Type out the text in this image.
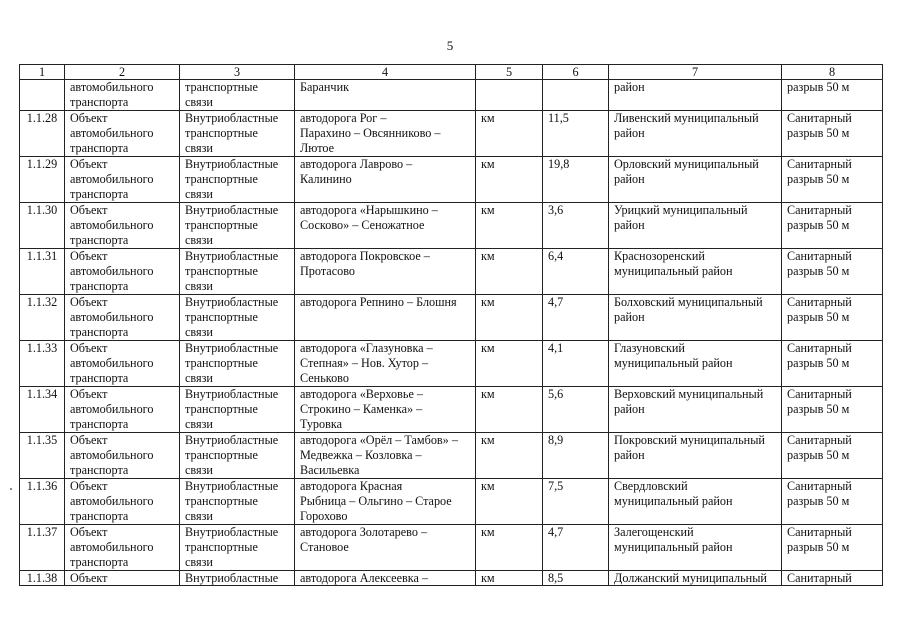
5
1	2	3	4	5	6	7	8
	автомобильного
транспорта	транспортные
связи	Баранчик			район	разрыв 50 м
1.1.28	Объект
автомобильного
транспорта	Внутриобластные
транспортные
связи	автодорога Рог –
Парахино – Овсянниково –
Лютое	км	11,5	Ливенский муниципальный
район	Санитарный
разрыв 50 м
1.1.29	Объект
автомобильного
транспорта	Внутриобластные
транспортные
связи	автодорога Лаврово –
Калинино	км	19,8	Орловский муниципальный
район	Санитарный
разрыв 50 м
1.1.30	Объект
автомобильного
транспорта	Внутриобластные
транспортные
связи	автодорога «Нарышкино –
Сосково» – Сеножатное	км	3,6	Урицкий муниципальный
район	Санитарный
разрыв 50 м
1.1.31	Объект
автомобильного
транспорта	Внутриобластные
транспортные
связи	автодорога Покровское –
Протасово	км	6,4	Краснозоренский
муниципальный район	Санитарный
разрыв 50 м
1.1.32	Объект
автомобильного
транспорта	Внутриобластные
транспортные
связи	автодорога Репнино – Блошня	км	4,7	Болховский муниципальный
район	Санитарный
разрыв 50 м
1.1.33	Объект
автомобильного
транспорта	Внутриобластные
транспортные
связи	автодорога «Глазуновка –
Степная» – Нов. Хутор –
Сеньково	км	4,1	Глазуновский
муниципальный район	Санитарный
разрыв 50 м
1.1.34	Объект
автомобильного
транспорта	Внутриобластные
транспортные
связи	автодорога «Верховье –
Строкино – Каменка» –
Туровка	км	5,6	Верховский муниципальный
район	Санитарный
разрыв 50 м
1.1.35	Объект
автомобильного
транспорта	Внутриобластные
транспортные
связи	автодорога «Орёл – Тамбов» –
Медвежка – Козловка –
Васильевка	км	8,9	Покровский муниципальный
район	Санитарный
разрыв 50 м
1.1.36	Объект
автомобильного
транспорта	Внутриобластные
транспортные
связи	автодорога Красная
Рыбница – Ольгино – Старое
Горохово	км	7,5	Свердловский
муниципальный район	Санитарный
разрыв 50 м
1.1.37	Объект
автомобильного
транспорта	Внутриобластные
транспортные
связи	автодорога Золотарево –
Становое	км	4,7	Залегощенский
муниципальный район	Санитарный
разрыв 50 м
1.1.38	Объект	Внутриобластные	автодорога Алексеевка –	км	8,5	Должанский муниципальный	Санитарный
